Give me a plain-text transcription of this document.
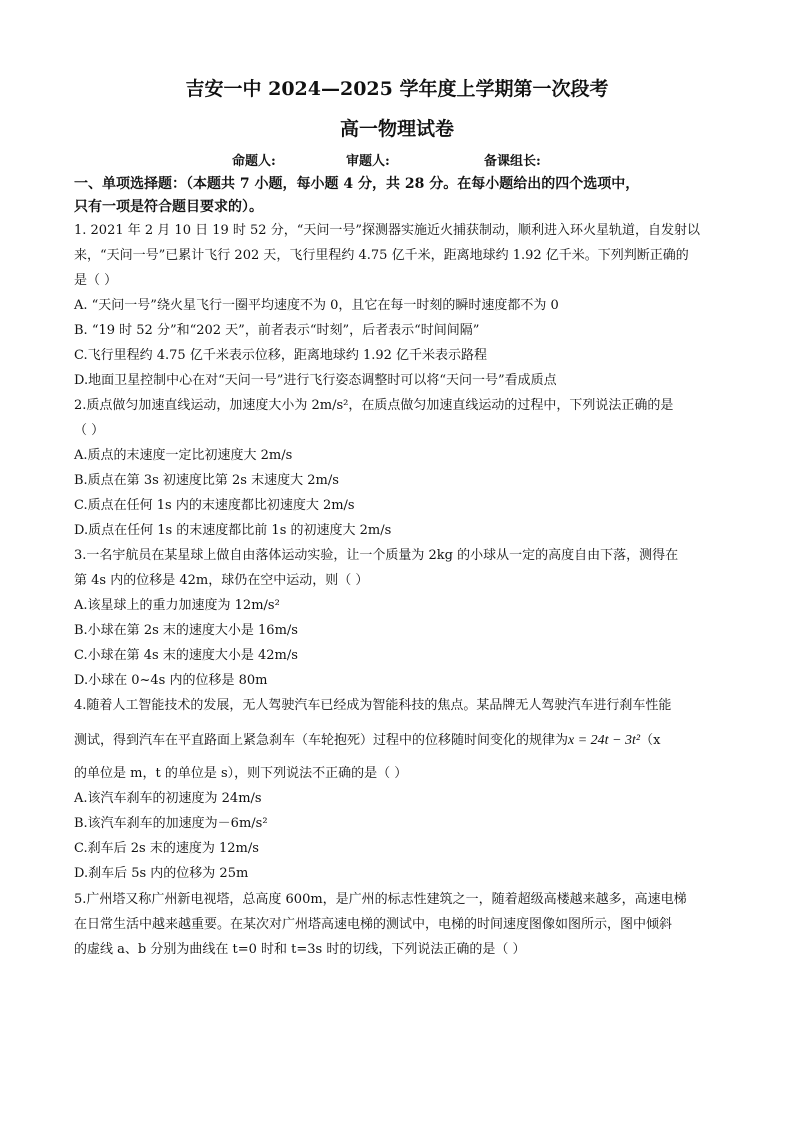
吉安一中 2024—2025 学年度上学期第一次段考
高一物理试卷
命题人:	审题人:	备课组长:
一、单项选择题：（本题共 7 小题，每小题 4 分，共 28 分。在每小题给出的四个选项中，
只有一项是符合题目要求的）。
1. 2021 年 2 月 10 日 19 时 52 分，“天问一号”探测器实施近火捕获制动，顺利进入环火星轨道，自发射以
来，“天问一号”已累计飞行 202 天，飞行里程约 4.75 亿千米，距离地球约 1.92 亿千米。下列判断正确的
是（ ）
A. “天问一号”绕火星飞行一圈平均速度不为 0，且它在每一时刻的瞬时速度都不为 0
B. “19 时 52 分”和“202 天”，前者表示“时刻”，后者表示“时间间隔”
C.飞行里程约 4.75 亿千米表示位移，距离地球约 1.92 亿千米表示路程
D.地面卫星控制中心在对“天问一号”进行飞行姿态调整时可以将“天问一号”看成质点
2.质点做匀加速直线运动，加速度大小为 2m/s²，在质点做匀加速直线运动的过程中，下列说法正确的是
（ ）
A.质点的末速度一定比初速度大 2m/s
B.质点在第 3s 初速度比第 2s 末速度大 2m/s
C.质点在任何 1s 内的末速度都比初速度大 2m/s
D.质点在任何 1s 的末速度都比前 1s 的初速度大 2m/s
3.一名宇航员在某星球上做自由落体运动实验，让一个质量为 2kg 的小球从一定的高度自由下落，测得在
第 4s 内的位移是 42m，球仍在空中运动，则（ ）
A.该星球上的重力加速度为 12m/s²
B.小球在第 2s 末的速度大小是 16m/s
C.小球在第 4s 末的速度大小是 42m/s
D.小球在 0~4s 内的位移是 80m
4.随着人工智能技术的发展，无人驾驶汽车已经成为智能科技的焦点。某品牌无人驾驶汽车进行刹车性能
测试，得到汽车在平直路面上紧急刹车（车轮抱死）过程中的位移随时间变化的规律为x = 24t − 3t²（x
的单位是 m，t 的单位是 s），则下列说法不正确的是（ ）
A.该汽车刹车的初速度为 24m/s
B.该汽车刹车的加速度为－6m/s²
C.刹车后 2s 末的速度为 12m/s
D.刹车后 5s 内的位移为 25m
5.广州塔又称广州新电视塔，总高度 600m，是广州的标志性建筑之一，随着超级高楼越来越多，高速电梯
在日常生活中越来越重要。在某次对广州塔高速电梯的测试中，电梯的时间速度图像如图所示，图中倾斜
的虚线 a、b 分别为曲线在 t=0 时和 t=3s 时的切线，下列说法正确的是（ ）
